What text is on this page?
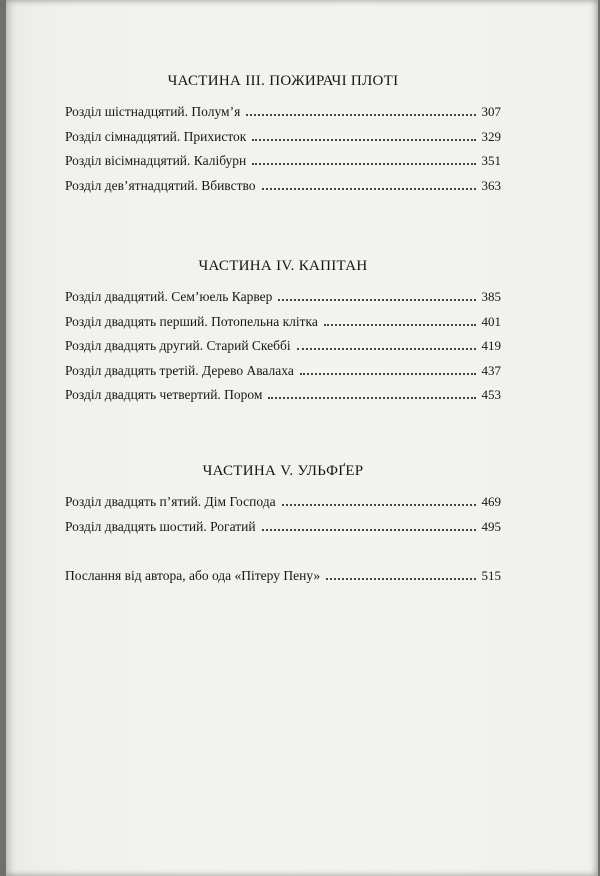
ЧАСТИНА III. ПОЖИРАЧІ ПЛОТІ
Розділ шістнадцятий. Полум’я	307
Розділ сімнадцятий. Прихисток	329
Розділ вісімнадцятий. Калібурн	351
Розділ дев’ятнадцятий. Вбивство	363
ЧАСТИНА IV. КАПІТАН
Розділ двадцятий. Сем’юель Карвер	385
Розділ двадцять перший. Потопельна клітка	401
Розділ двадцять другий. Старий Скеббі	419
Розділ двадцять третій. Дерево Авалаха	437
Розділ двадцять четвертий. Пором	453
ЧАСТИНА V. УЛЬФҐЕР
Розділ двадцять п’ятий. Дім Господа	469
Розділ двадцять шостий. Рогатий	495
Послання від автора, або ода «Пітеру Пену»	515
